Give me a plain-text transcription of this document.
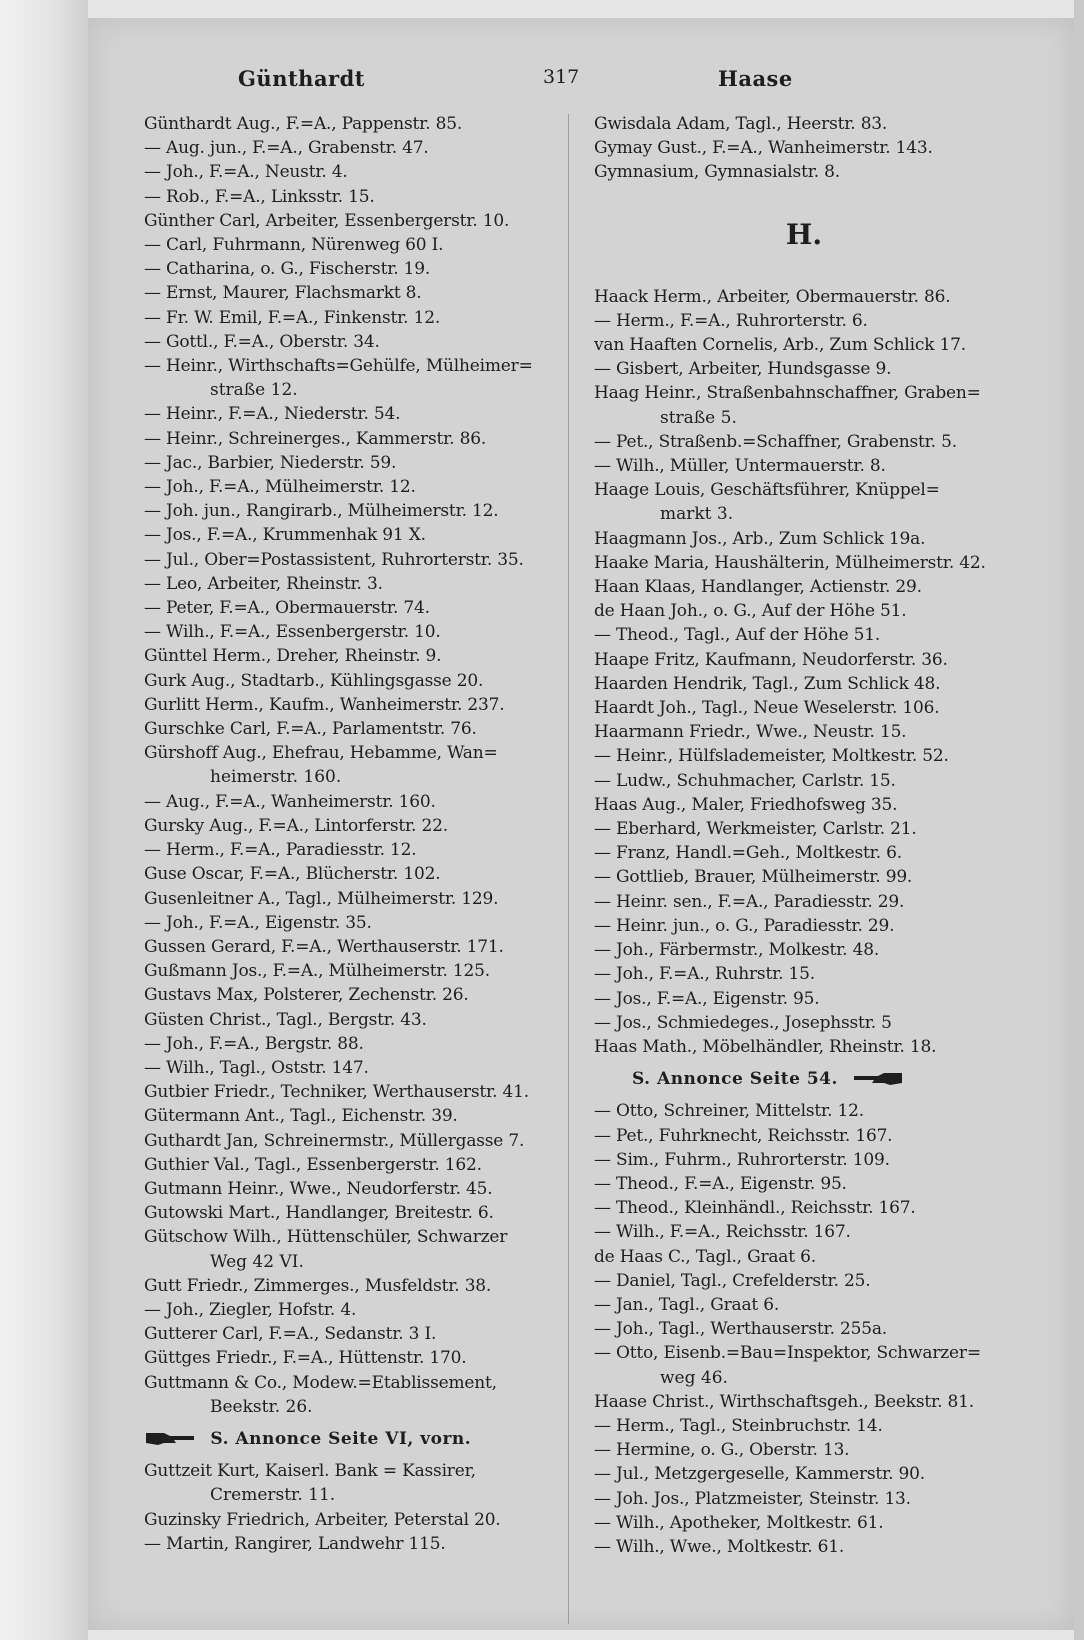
Günthardt	317	Haase
Günthardt Aug., F.=A., Pappenstr. 85.
— Aug. jun., F.=A., Grabenstr. 47.
— Joh., F.=A., Neustr. 4.
— Rob., F.=A., Linksstr. 15.
Günther Carl, Arbeiter, Essenbergerstr. 10.
— Carl, Fuhrmann, Nürenweg 60 I.
— Catharina, o. G., Fischerstr. 19.
— Ernst, Maurer, Flachsmarkt 8.
— Fr. W. Emil, F.=A., Finkenstr. 12.
— Gottl., F.=A., Oberstr. 34.
— Heinr., Wirthschafts=Gehülfe, Mülheimer=
straße 12.
— Heinr., F.=A., Niederstr. 54.
— Heinr., Schreinerges., Kammerstr. 86.
— Jac., Barbier, Niederstr. 59.
— Joh., F.=A., Mülheimerstr. 12.
— Joh. jun., Rangirarb., Mülheimerstr. 12.
— Jos., F.=A., Krummenhak 91 X.
— Jul., Ober=Postassistent, Ruhrorterstr. 35.
— Leo, Arbeiter, Rheinstr. 3.
— Peter, F.=A., Obermauerstr. 74.
— Wilh., F.=A., Essenbergerstr. 10.
Günttel Herm., Dreher, Rheinstr. 9.
Gurk Aug., Stadtarb., Kühlingsgasse 20.
Gurlitt Herm., Kaufm., Wanheimerstr. 237.
Gurschke Carl, F.=A., Parlamentstr. 76.
Gürshoff Aug., Ehefrau, Hebamme, Wan=
heimerstr. 160.
— Aug., F.=A., Wanheimerstr. 160.
Gursky Aug., F.=A., Lintorferstr. 22.
— Herm., F.=A., Paradiesstr. 12.
Guse Oscar, F.=A., Blücherstr. 102.
Gusenleitner A., Tagl., Mülheimerstr. 129.
— Joh., F.=A., Eigenstr. 35.
Gussen Gerard, F.=A., Werthauserstr. 171.
Gußmann Jos., F.=A., Mülheimerstr. 125.
Gustavs Max, Polsterer, Zechenstr. 26.
Güsten Christ., Tagl., Bergstr. 43.
— Joh., F.=A., Bergstr. 88.
— Wilh., Tagl., Oststr. 147.
Gutbier Friedr., Techniker, Werthauserstr. 41.
Gütermann Ant., Tagl., Eichenstr. 39.
Guthardt Jan, Schreinermstr., Müllergasse 7.
Guthier Val., Tagl., Essenbergerstr. 162.
Gutmann Heinr., Wwe., Neudorferstr. 45.
Gutowski Mart., Handlanger, Breitestr. 6.
Gütschow Wilh., Hüttenschüler, Schwarzer
Weg 42 VI.
Gutt Friedr., Zimmerges., Musfeldstr. 38.
— Joh., Ziegler, Hofstr. 4.
Gutterer Carl, F.=A., Sedanstr. 3 I.
Güttges Friedr., F.=A., Hüttenstr. 170.
Guttmann & Co., Modew.=Etablissement,
Beekstr. 26.
S. Annonce Seite VI, vorn.
Guttzeit Kurt, Kaiserl. Bank = Kassirer,
Cremerstr. 11.
Guzinsky Friedrich, Arbeiter, Peterstal 20.
— Martin, Rangirer, Landwehr 115.
Gwisdala Adam, Tagl., Heerstr. 83.
Gymay Gust., F.=A., Wanheimerstr. 143.
Gymnasium, Gymnasialstr. 8.
H.
Haack Herm., Arbeiter, Obermauerstr. 86.
— Herm., F.=A., Ruhrorterstr. 6.
van Haaften Cornelis, Arb., Zum Schlick 17.
— Gisbert, Arbeiter, Hundsgasse 9.
Haag Heinr., Straßenbahnschaffner, Graben=
straße 5.
— Pet., Straßenb.=Schaffner, Grabenstr. 5.
— Wilh., Müller, Untermauerstr. 8.
Haage Louis, Geschäftsführer, Knüppel=
markt 3.
Haagmann Jos., Arb., Zum Schlick 19a.
Haake Maria, Haushälterin, Mülheimerstr. 42.
Haan Klaas, Handlanger, Actienstr. 29.
de Haan Joh., o. G., Auf der Höhe 51.
— Theod., Tagl., Auf der Höhe 51.
Haape Fritz, Kaufmann, Neudorferstr. 36.
Haarden Hendrik, Tagl., Zum Schlick 48.
Haardt Joh., Tagl., Neue Weselerstr. 106.
Haarmann Friedr., Wwe., Neustr. 15.
— Heinr., Hülfslademeister, Moltkestr. 52.
— Ludw., Schuhmacher, Carlstr. 15.
Haas Aug., Maler, Friedhofsweg 35.
— Eberhard, Werkmeister, Carlstr. 21.
— Franz, Handl.=Geh., Moltkestr. 6.
— Gottlieb, Brauer, Mülheimerstr. 99.
— Heinr. sen., F.=A., Paradiesstr. 29.
— Heinr. jun., o. G., Paradiesstr. 29.
— Joh., Färbermstr., Molkestr. 48.
— Joh., F.=A., Ruhrstr. 15.
— Jos., F.=A., Eigenstr. 95.
— Jos., Schmiedeges., Josephsstr. 5
Haas Math., Möbelhändler, Rheinstr. 18.
S. Annonce Seite 54.
— Otto, Schreiner, Mittelstr. 12.
— Pet., Fuhrknecht, Reichsstr. 167.
— Sim., Fuhrm., Ruhrorterstr. 109.
— Theod., F.=A., Eigenstr. 95.
— Theod., Kleinhändl., Reichsstr. 167.
— Wilh., F.=A., Reichsstr. 167.
de Haas C., Tagl., Graat 6.
— Daniel, Tagl., Crefelderstr. 25.
— Jan., Tagl., Graat 6.
— Joh., Tagl., Werthauserstr. 255a.
— Otto, Eisenb.=Bau=Inspektor, Schwarzer=
weg 46.
Haase Christ., Wirthschaftsgeh., Beekstr. 81.
— Herm., Tagl., Steinbruchstr. 14.
— Hermine, o. G., Oberstr. 13.
— Jul., Metzgergeselle, Kammerstr. 90.
— Joh. Jos., Platzmeister, Steinstr. 13.
— Wilh., Apotheker, Moltkestr. 61.
— Wilh., Wwe., Moltkestr. 61.
